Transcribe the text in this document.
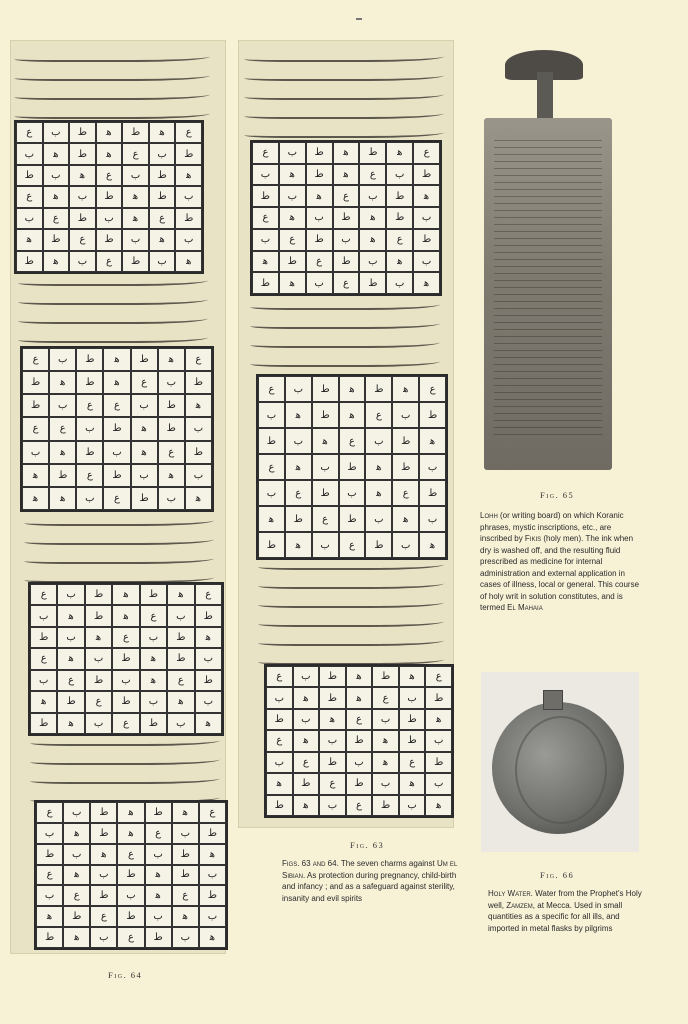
ع	ب	ط	ﻫ	ط	ﻫ	ع
ب	ﻫ	ط	ﻫ	ع	ب	ط
ط	ب	ﻫ	ع	ب	ط	ﻫ
ع	ﻫ	ب	ط	ﻫ	ط	ب
ب	ع	ط	ب	ﻫ	ع	ط
ﻫ	ط	ع	ط	ب	ﻫ	ب
ط	ﻫ	ب	ع	ط	ب	ﻫ
ع	ب	ط	ﻫ	ط	ﻫ	ع
ط	ﻫ	ط	ﻫ	ع	ب	ط
ط	ب	ع	ع	ب	ط	ﻫ
ع	ع	ب	ط	ﻫ	ط	ب
ب	ﻫ	ط	ب	ﻫ	ع	ط
ﻫ	ط	ع	ط	ب	ﻫ	ب
ﻫ	ﻫ	ب	ع	ط	ب	ﻫ
ع	ب	ط	ﻫ	ط	ﻫ	ع
ب	ﻫ	ط	ﻫ	ع	ب	ط
ط	ب	ﻫ	ع	ب	ط	ﻫ
ع	ﻫ	ب	ط	ﻫ	ط	ب
ب	ع	ط	ب	ﻫ	ع	ط
ﻫ	ط	ع	ط	ب	ﻫ	ب
ط	ﻫ	ب	ع	ط	ب	ﻫ
ع	ب	ط	ﻫ	ط	ﻫ	ع
ب	ﻫ	ط	ﻫ	ع	ب	ط
ط	ب	ﻫ	ع	ب	ط	ﻫ
ع	ﻫ	ب	ط	ﻫ	ط	ب
ب	ع	ط	ب	ﻫ	ع	ط
ﻫ	ط	ع	ط	ب	ﻫ	ب
ط	ﻫ	ب	ع	ط	ب	ﻫ
Fig. 64
ع	ب	ط	ﻫ	ط	ﻫ	ع
ب	ﻫ	ط	ﻫ	ع	ب	ط
ط	ب	ﻫ	ع	ب	ط	ﻫ
ع	ﻫ	ب	ط	ﻫ	ط	ب
ب	ع	ط	ب	ﻫ	ع	ط
ﻫ	ط	ع	ط	ب	ﻫ	ب
ط	ﻫ	ب	ع	ط	ب	ﻫ
ع	ب	ط	ﻫ	ط	ﻫ	ع
ب	ﻫ	ط	ﻫ	ع	ب	ط
ط	ب	ﻫ	ع	ب	ط	ﻫ
ع	ﻫ	ب	ط	ﻫ	ط	ب
ب	ع	ط	ب	ﻫ	ع	ط
ﻫ	ط	ع	ط	ب	ﻫ	ب
ط	ﻫ	ب	ع	ط	ب	ﻫ
ع	ب	ط	ﻫ	ط	ﻫ	ع
ب	ﻫ	ط	ﻫ	ع	ب	ط
ط	ب	ﻫ	ع	ب	ط	ﻫ
ع	ﻫ	ب	ط	ﻫ	ط	ب
ب	ع	ط	ب	ﻫ	ع	ط
ﻫ	ط	ع	ط	ب	ﻫ	ب
ط	ﻫ	ب	ع	ط	ب	ﻫ
Fig. 63
Figs. 63 and 64. The seven charms against Um el Sibian. As protection during pregnancy, child-birth and infancy ; and as a safeguard against sterility, insanity and evil spirits
Fig. 65
Lohh (or writing board) on which Koranic phrases, mystic inscriptions, etc., are inscribed by Fikis (holy men). The ink when dry is washed off, and the resulting fluid prescribed as medicine for internal administration and external application in cases of illness, local or general. This course of holy writ in solution constitutes, and is termed El Mahaia
Fig. 66
Holy Water. Water from the Prophet's Holy well, Zamzem, at Mecca. Used in small quantities as a specific for all ills, and imported in metal flasks by pilgrims
